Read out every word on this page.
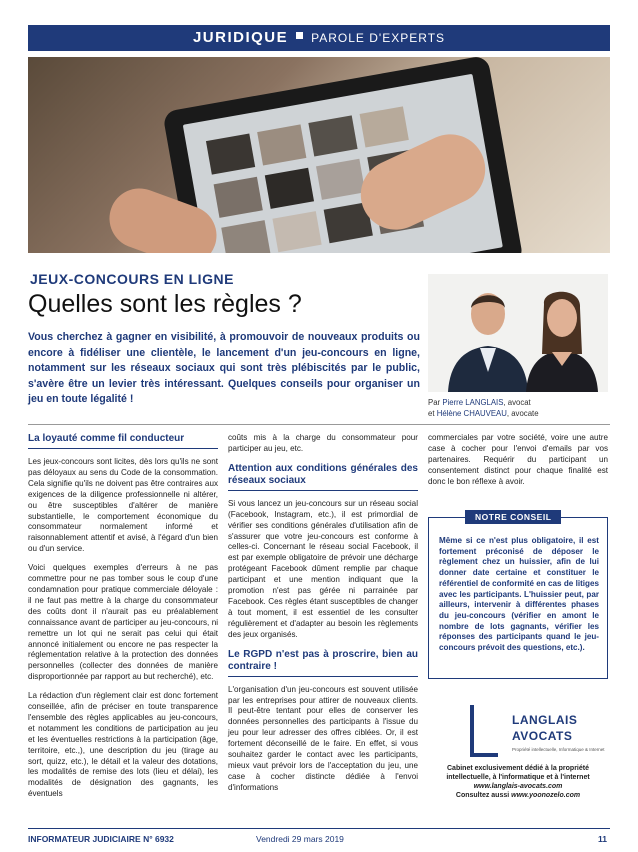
JURIDIQUE PAROLE D'EXPERTS
JEUX-CONCOURS EN LIGNE
Quelles sont les règles ?
Vous cherchez à gagner en visibilité, à promouvoir de nouveaux produits ou encore à fidéliser une clientèle, le lancement d'un jeu-concours en ligne, notamment sur les réseaux sociaux qui sont très plébiscités par le public, s'avère être un levier très intéressant. Quelques conseils pour organiser un jeu en toute légalité !	Par Pierre LANGLAIS, avocat
et Hélène CHAUVEAU, avocate
La loyauté comme fil conducteur

Les jeux-concours sont licites, dès lors qu'ils ne sont pas déloyaux au sens du Code de la consommation. Cela signifie qu'ils ne doivent pas être contraires aux exigences de la diligence professionnelle ni altérer, ou être susceptibles d'altérer de manière substantielle, le comportement économique du consommateur normalement informé et raisonnablement attentif et avisé, à l'égard d'un bien ou d'un service.

Voici quelques exemples d'erreurs à ne pas commettre pour ne pas tomber sous le coup d'une condamnation pour pratique commerciale déloyale : il ne faut pas mettre à la charge du consommateur des coûts dont il n'aurait pas eu préalablement connaissance avant de participer au jeu-concours, ni remettre un lot qui ne serait pas celui qui était annoncé initialement ou encore ne pas respecter la réglementation relative à la protection des données personnelles (collecter des données de manière disproportionnée par rapport au but recherché), etc.

La rédaction d'un règlement clair est donc fortement conseillée, afin de préciser en toute transparence l'ensemble des règles applicables au jeu-concours, et notamment les conditions de participation au jeu et les éventuelles restrictions à la participation (âge, territoire, etc.,), une description du jeu (tirage au sort, quizz, etc.), le détail et la valeur des dotations, les modalités de remise des lots (lieu et délai), les modalités de désignation des gagnants, les éventuels

coûts mis à la charge du consommateur pour participer au jeu, etc.

Attention aux conditions générales des réseaux sociaux

Si vous lancez un jeu-concours sur un réseau social (Facebook, Instagram, etc.), il est primordial de vérifier ses conditions générales d'utilisation afin de s'assurer que votre jeu-concours est conforme à celles-ci. Concernant le réseau social Facebook, il est par exemple obligatoire de prévoir une décharge protégeant Facebook dûment remplie par chaque participant et une mention indiquant que la promotion n'est pas gérée ni parrainée par Facebook. Ces règles étant susceptibles de changer à tout moment, il est essentiel de les consulter régulièrement et d'adapter au besoin les règlements des jeux organisés.

Le RGPD n'est pas à proscrire, bien au contraire !

L'organisation d'un jeu-concours est souvent utilisée par les entreprises pour attirer de nouveaux clients. Il peut-être tentant pour elles de conserver les données personnelles des participants à l'issue du jeu pour leur adresser des offres ciblées. Or, il est fortement déconseillé de le faire. En effet, si vous souhaitez garder le contact avec les participants, mieux vaut prévoir lors de l'acceptation du jeu, une case à cocher distincte dédiée à l'envoi d'informations

commerciales par votre société, voire une autre case à cocher pour l'envoi d'emails par vos partenaires. Requérir du participant un consentement distinct pour chaque finalité est donc le bon réflexe à avoir.

NOTRE CONSEIL
Même si ce n'est plus obligatoire, il est fortement préconisé de déposer le règlement chez un huissier, afin de lui donner date certaine et constituer le référentiel de conformité en cas de litiges avec les participants. L'huissier peut, par ailleurs, intervenir à différentes phases du jeu-concours (vérifier en amont le nombre de lots gagnants, vérifier les réponses des participants quand le jeu-concours prévoit des questions, etc.).
LANGLAIS
AVOCATS
Propriété intellectuelle, Informatique & Internet
Cabinet exclusivement dédié à la propriété intellectuelle, à l'informatique et à l'internet
www.langlais-avocats.com
Consultez aussi www.yoonozelo.com
INFORMATEUR JUDICIAIRE N° 6932	Vendredi 29 mars 2019	11
